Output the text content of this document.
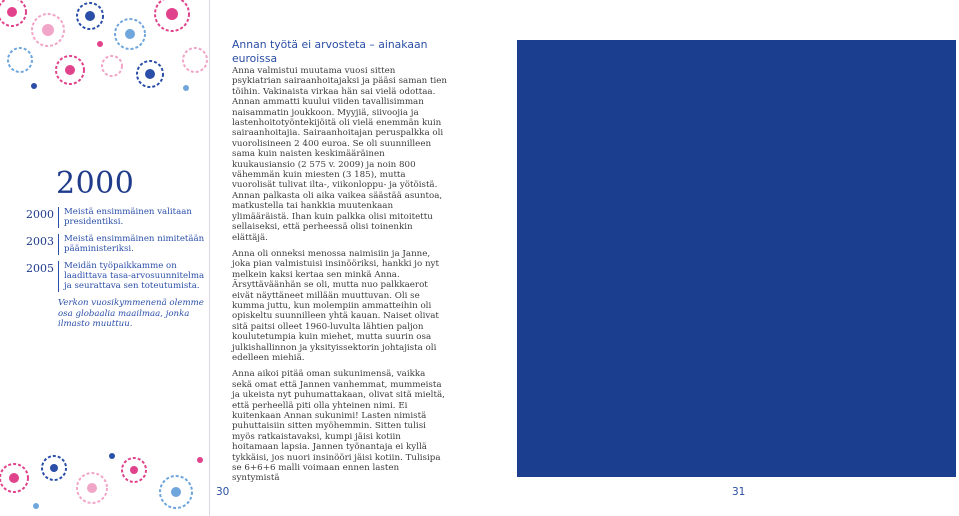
2000
2000	Meistä ensimmäinen valitaan presidentiksi.
2003	Meistä ensimmäinen nimitetään pääministeriksi.
2005	Meidän työpaikkamme on laadittava tasa-arvosuunnitelma ja seurattava sen toteutumista.
Verkon vuosikymmenenä olemme osa globaalia maailmaa, jonka ilmasto muuttuu.
Annan työtä ei arvosteta – ainakaan euroissa

Anna valmistui muutama vuosi sitten psykiatrian sairaanhoitajaksi ja pääsi saman tien töihin. Vakinaista virkaa hän sai vielä odottaa. Annan ammatti kuului viiden tavallisimman naisammatin joukkoon. Myyjiä, siivoojia ja lastenhoitotyöntekijöitä oli vielä enemmän kuin sairaanhoitajia. Sairaanhoitajan peruspalkka oli vuorolisineen 2 400 euroa. Se oli suunnilleen sama kuin naisten keskimääräinen kuukausiansio (2 575 v. 2009) ja noin 800 vähemmän kuin miesten (3 185), mutta vuorolisät tulivat ilta-, viikonloppu- ja yötöistä. Annan palkasta oli aika vaikea säästää asuntoa, matkustella tai hankkia muutenkaan ylimääräistä. Ihan kuin palkka olisi mitoitettu sellaiseksi, että perheessä olisi toinenkin elättäjä.

Anna oli onneksi menossa naimisiin ja Janne, joka pian valmistuisi insinööriksi, hankki jo nyt melkein kaksi kertaa sen minkä Anna. Ärsyttäväänhän se oli, mutta nuo palkkaerot eivät näyttäneet millään muuttuvan. Oli se kumma juttu, kun molempiin ammatteihin oli opiskeltu suunnilleen yhtä kauan. Naiset olivat sitä paitsi olleet 1960-luvulta lähtien paljon koulutetumpia kuin miehet, mutta suurin osa julkishallinnon ja yksityissektorin johtajista oli edelleen miehiä.

Anna aikoi pitää oman sukunimensä, vaikka sekä omat että Jannen vanhemmat, mummeista ja ukeista nyt puhumattakaan, olivat sitä mieltä, että perheellä piti olla yhteinen nimi. Ei kuitenkaan Annan sukunimi! Lasten nimistä puhuttaisiin sitten myöhemmin. Sitten tulisi myös ratkaistavaksi, kumpi jäisi kotiin hoitamaan lapsia. Jannen työnantaja ei kyllä tykkäisi, jos nuori insinööri jäisi kotiin. Tulisipa se 6+6+6 malli voimaan ennen lasten syntymistä

30	31
